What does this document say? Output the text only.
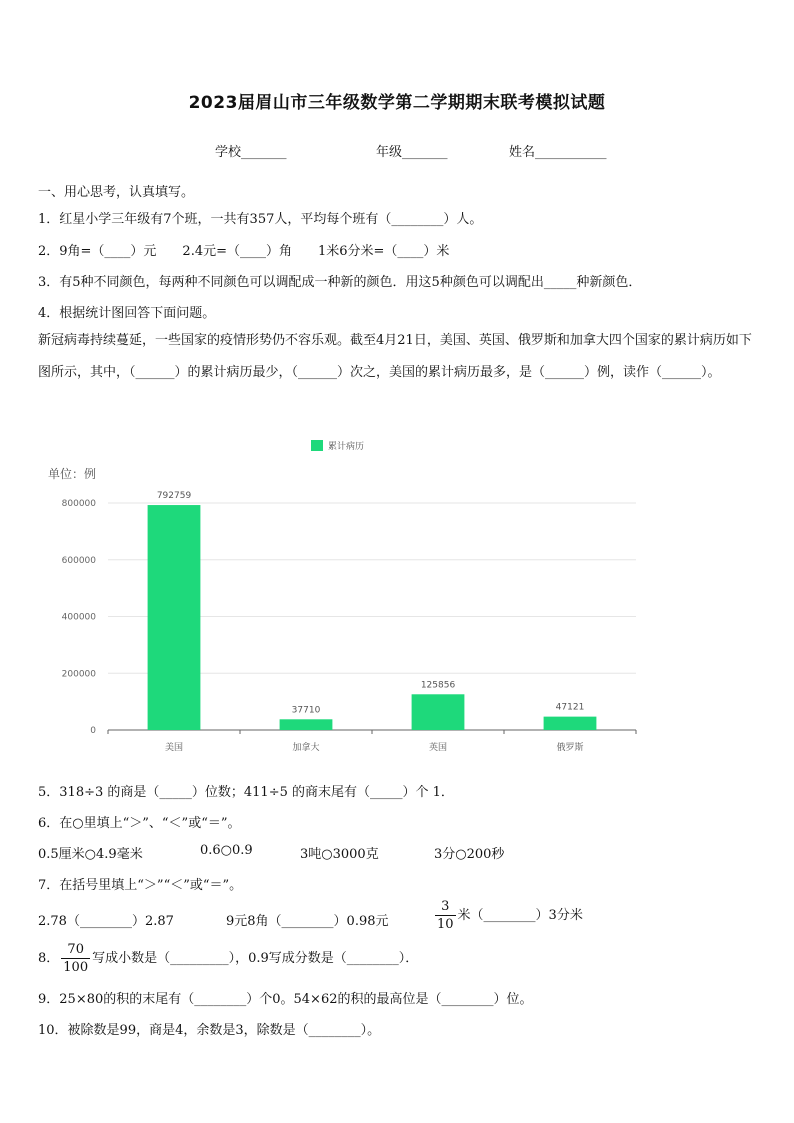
2023届眉山市三年级数学第二学期期末联考模拟试题
学校_______	年级_______	姓名___________
一、用心思考，认真填写。
1．红星小学三年级有7个班，一共有357人，平均每个班有（________）人。
2．9角=（____）元　　2.4元=（____）角　　1米6分米=（____）米
3．有5种不同颜色，每两种不同颜色可以调配成一种新的颜色．用这5种颜色可以调配出_____种新颜色．
4．根据统计图回答下面问题。
新冠病毒持续蔓延，一些国家的疫情形势仍不容乐观。截至4月21日，美国、英国、俄罗斯和加拿大四个国家的累计病历如下图所示，其中，（______）的累计病历最少，（______）次之，美国的累计病历最多，是（______）例，读作（______）。
累计病历
单位：例
0
200000
400000
600000
800000
792759
美国
37710
加拿大
125856
英国
47121
俄罗斯
5．318÷3 的商是（_____）位数；411÷5 的商末尾有（_____）个 1．
6．在○里填上“＞”、“＜”或“＝”。
0.5厘米○4.9毫米	0.6○0.9	3吨○3000克	3分○200秒
7．在括号里填上“＞”“＜”或“＝”。
2.78（________）2.87	9元8角（________）0.98元	$\frac{3}{10}$ 米（________）3分米
8． $\frac{70}{100}$ 写成小数是（_________），0.9写成分数是（________）．
9．25×80的积的末尾有（________）个0。54×62的积的最高位是（________）位。
10．被除数是99，商是4，余数是3，除数是（________）。
